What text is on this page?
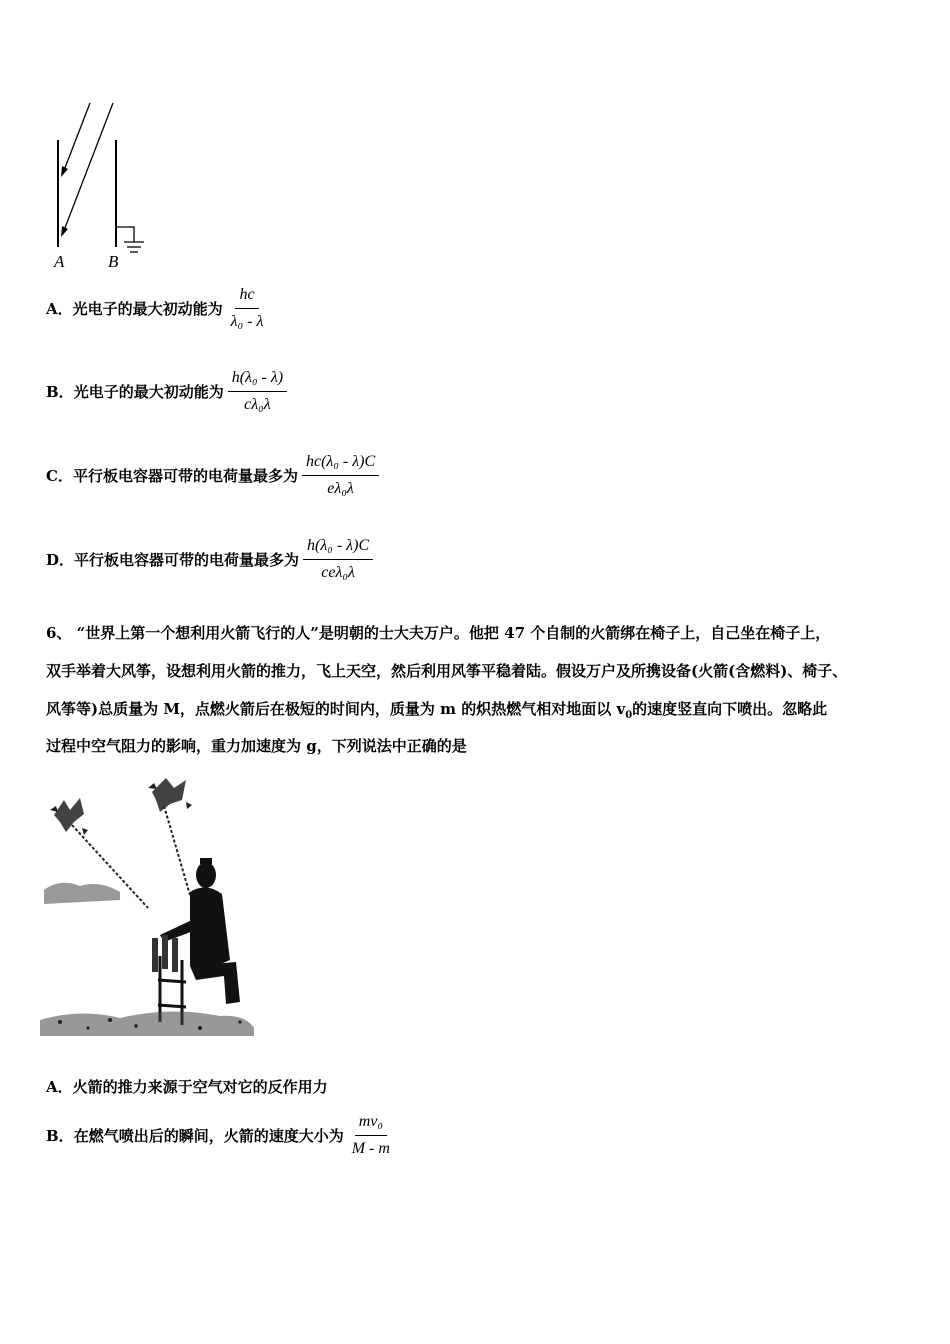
A	B
A． 光电子的最大初动能为 $\frac{hc}{\text{λ₀ - λ}}$
B． 光电子的最大初动能为 $\frac{\text{h(λ₀ - λ)}}{\text{cλ₀λ}}$
C． 平行板电容器可带的电荷量最多为 $\frac{\text{hc(λ₀ - λ)C}}{\text{eλ₀λ}}$
D． 平行板电容器可带的电荷量最多为 $\frac{\text{h(λ₀ - λ)C}}{\text{ceλ₀λ}}$
6、 “世界上第一个想利用火箭飞行的人”是明朝的士大夫万户。他把 47 个自制的火箭绑在椅子上，自己坐在椅子上，
双手举着大风筝，设想利用火箭的推力，飞上天空，然后利用风筝平稳着陆。假设万户及所携设备(火箭(含燃料)、椅子、
风筝等)总质量为 M，点燃火箭后在极短的时间内，质量为 m 的炽热燃气相对地面以 $v_0$的速度竖直向下喷出。忽略此
过程中空气阻力的影响，重力加速度为 g，下列说法中正确的是
A． 火箭的推力来源于空气对它的反作用力
B． 在燃气喷出后的瞬间，火箭的速度大小为 $\frac{\text{mv₀}}{M - m}$
